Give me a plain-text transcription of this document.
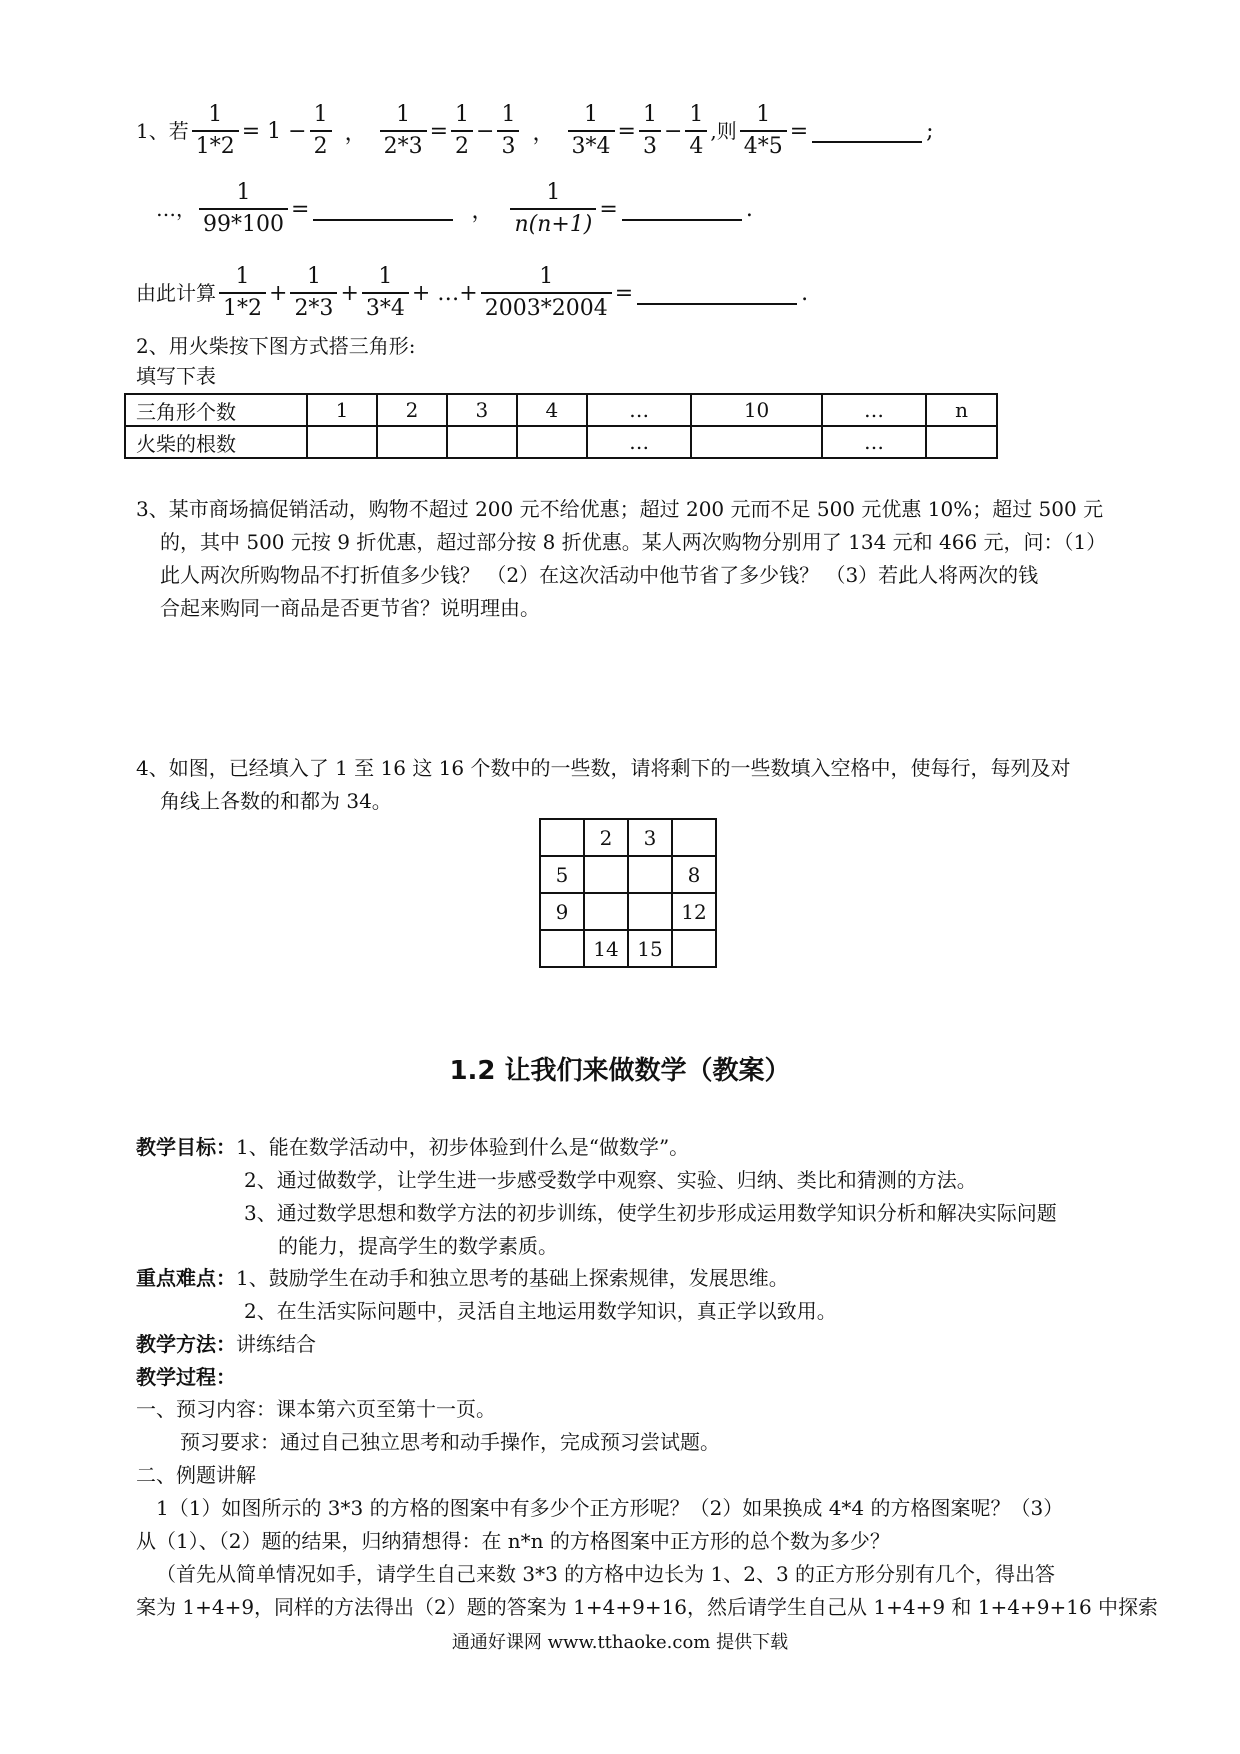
1、若 $\frac{1}{1*2} = 1 - \frac{1}{2}$ ， $\frac{1}{2*3} = \frac{1}{2} - \frac{1}{3}$ ， $\frac{1}{3*4} = \frac{1}{3} - \frac{1}{4}$ ,则 $\frac{1}{4*5}$ =	;
…， $\frac{1}{99*100}$ =	， $\frac{1}{n(n+1)}$ =	.
由此计算 $\frac{1}{1*2} + \frac{1}{2*3} + \frac{1}{3*4}$ + …+ $\frac{1}{2003*2004}$ =	.
2、用火柴按下图方式搭三角形:
填写下表
三角形个数	1	2	3	4	…	10	…	n
火柴的根数					…		…	
3、某市商场搞促销活动，购物不超过 200 元不给优惠；超过 200 元而不足 500 元优惠 10%；超过 500 元
的，其中 500 元按 9 折优惠，超过部分按 8 折优惠。某人两次购物分别用了 134 元和 466 元，问：（1）
此人两次所购物品不打折值多少钱？ （2）在这次活动中他节省了多少钱？ （3）若此人将两次的钱
合起来购同一商品是否更节省？说明理由。
4、如图，已经填入了 1 至 16 这 16 个数中的一些数，请将剩下的一些数填入空格中，使每行，每列及对
角线上各数的和都为 34。
	2	3	
5			8
9			12
	14	15	
1.2 让我们来做数学（教案）
教学目标：1、能在数学活动中，初步体验到什么是“做数学”。
2、通过做数学，让学生进一步感受数学中观察、实验、归纳、类比和猜测的方法。
3、通过数学思想和数学方法的初步训练，使学生初步形成运用数学知识分析和解决实际问题
的能力，提高学生的数学素质。
重点难点：1、鼓励学生在动手和独立思考的基础上探索规律，发展思维。
2、在生活实际问题中，灵活自主地运用数学知识，真正学以致用。
教学方法：讲练结合
教学过程：
一、预习内容：课本第六页至第十一页。
预习要求：通过自己独立思考和动手操作，完成预习尝试题。
二、例题讲解
1（1）如图所示的 3*3 的方格的图案中有多少个正方形呢？（2）如果换成 4*4 的方格图案呢？（3）
从（1）、（2）题的结果，归纳猜想得：在 n*n 的方格图案中正方形的总个数为多少？
（首先从简单情况如手，请学生自己来数 3*3 的方格中边长为 1、2、3 的正方形分别有几个，得出答
案为 1+4+9，同样的方法得出（2）题的答案为 1+4+9+16，然后请学生自己从 1+4+9 和 1+4+9+16 中探索
通通好课网 www.tthaoke.com 提供下载
